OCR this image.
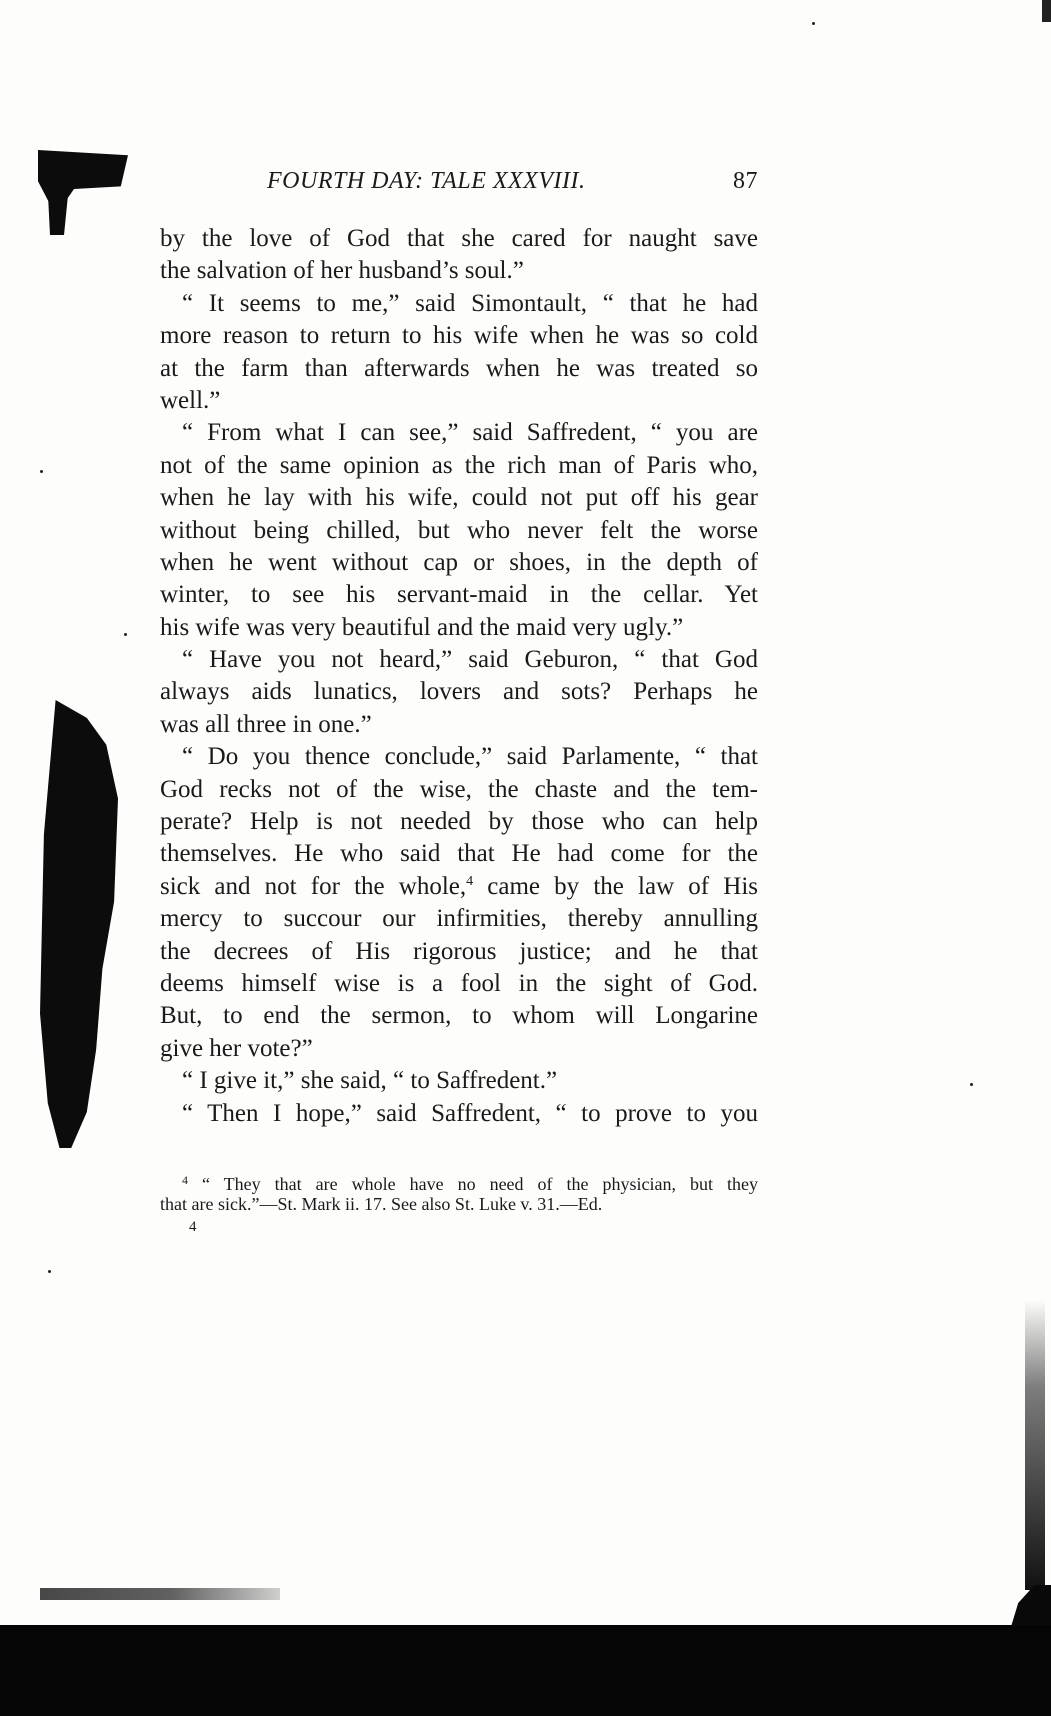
FOURTH DAY: TALE XXXVIII.	87
by the love of God that she cared for naught save
the salvation of her husband’s soul.”
“ It seems to me,” said Simontault, “ that he had
more reason to return to his wife when he was so cold
at the farm than afterwards when he was treated so
well.”
“ From what I can see,” said Saffredent, “ you are
not of the same opinion as the rich man of Paris who,
when he lay with his wife, could not put off his gear
without being chilled, but who never felt the worse
when he went without cap or shoes, in the depth of
winter, to see his servant-maid in the cellar. Yet
his wife was very beautiful and the maid very ugly.”
“ Have you not heard,” said Geburon, “ that God
always aids lunatics, lovers and sots? Perhaps he
was all three in one.”
“ Do you thence conclude,” said Parlamente, “ that
God recks not of the wise, the chaste and the tem-
perate? Help is not needed by those who can help
themselves. He who said that He had come for the
sick and not for the whole,$^4$ came by the law of His
mercy to succour our infirmities, thereby annulling
the decrees of His rigorous justice; and he that
deems himself wise is a fool in the sight of God.
But, to end the sermon, to whom will Longarine
give her vote?”
“ I give it,” she said, “ to Saffredent.”
“ Then I hope,” said Saffredent, “ to prove to you
$^4$ “ They that are whole have no need of the physician, but they
that are sick.”—St. Mark ii. 17. See also St. Luke v. 31.—Ed.
4
